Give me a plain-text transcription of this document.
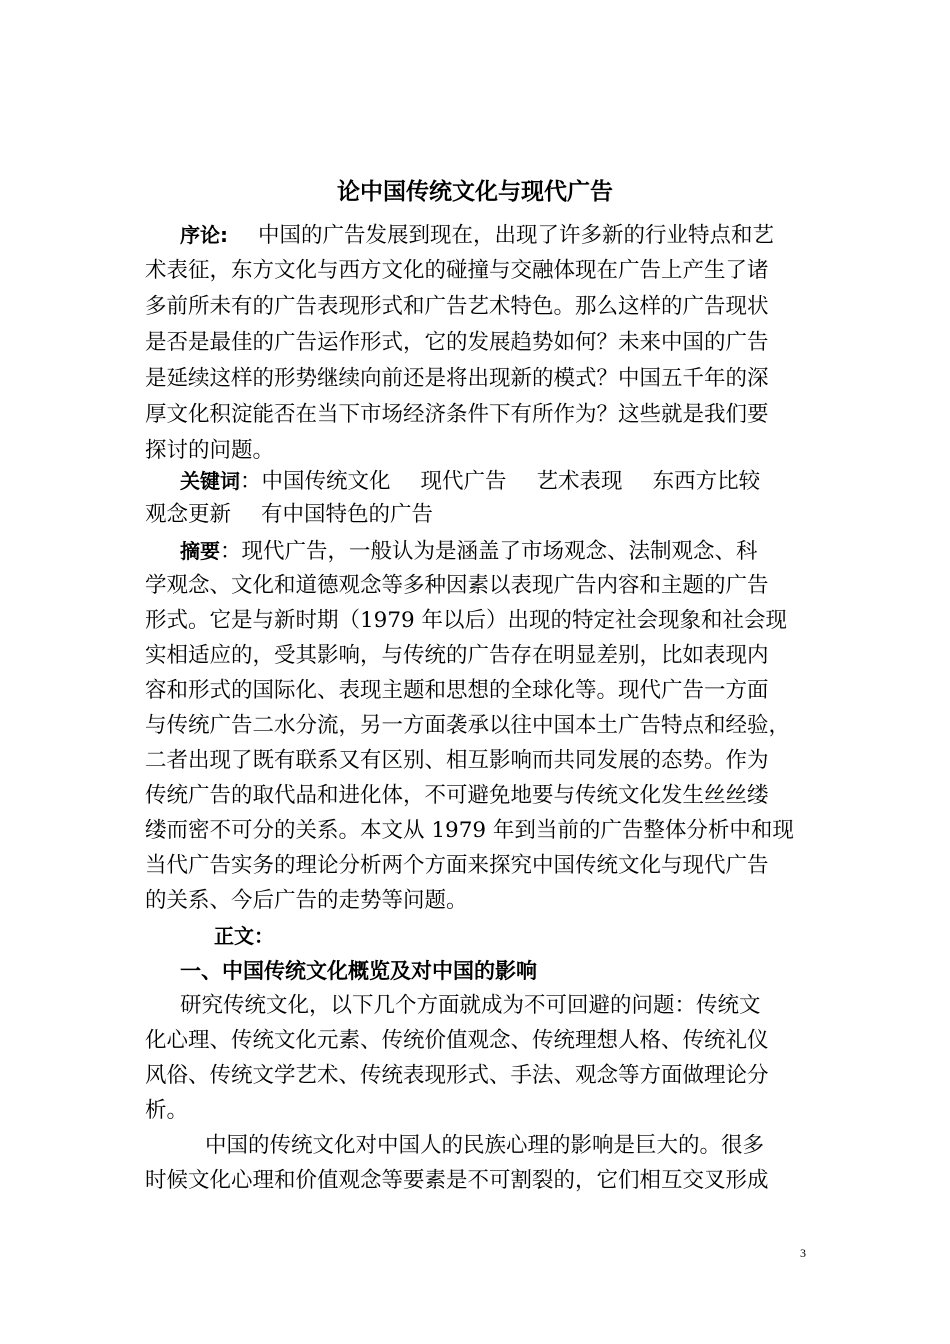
论中国传统文化与现代广告
序论: 中国的广告发展到现在，出现了许多新的行业特点和艺
术表征，东方文化与西方文化的碰撞与交融体现在广告上产生了诸
多前所未有的广告表现形式和广告艺术特色。那么这样的广告现状
是否是最佳的广告运作形式，它的发展趋势如何？未来中国的广告
是延续这样的形势继续向前还是将出现新的模式？中国五千年的深
厚文化积淀能否在当下市场经济条件下有所作为？这些就是我们要
探讨的问题。
关键词：中国传统文化 现代广告 艺术表现 东西方比较
观念更新 有中国特色的广告
摘要：现代广告，一般认为是涵盖了市场观念、法制观念、科
学观念、文化和道德观念等多种因素以表现广告内容和主题的广告
形式。它是与新时期（1979 年以后）出现的特定社会现象和社会现
实相适应的，受其影响，与传统的广告存在明显差别，比如表现内
容和形式的国际化、表现主题和思想的全球化等。现代广告一方面
与传统广告二水分流，另一方面袭承以往中国本土广告特点和经验，
二者出现了既有联系又有区别、相互影响而共同发展的态势。作为
传统广告的取代品和进化体，不可避免地要与传统文化发生丝丝缕
缕而密不可分的关系。本文从 1979 年到当前的广告整体分析中和现
当代广告实务的理论分析两个方面来探究中国传统文化与现代广告
的关系、今后广告的走势等问题。
正文：
一、中国传统文化概览及对中国的影响
研究传统文化，以下几个方面就成为不可回避的问题：传统文
化心理、传统文化元素、传统价值观念、传统理想人格、传统礼仪
风俗、传统文学艺术、传统表现形式、手法、观念等方面做理论分
析。
中国的传统文化对中国人的民族心理的影响是巨大的。很多
时候文化心理和价值观念等要素是不可割裂的，它们相互交叉形成
3
